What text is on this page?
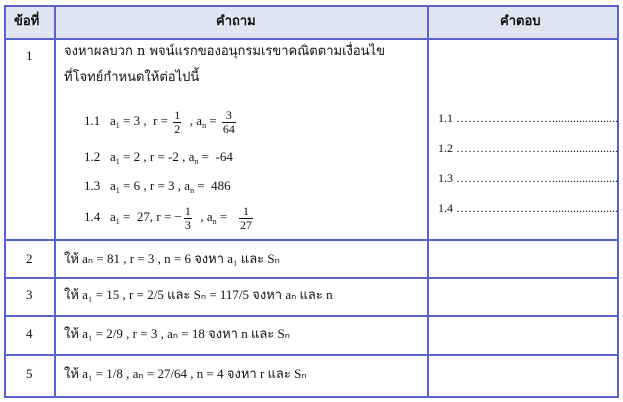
ข้อที่	คำถาม	คำตอบ
1 จงหาผลบวก n พจน์แรกของอนุกรมเรขาคณิตตามเงื่อนไข
ที่โจทย์กำหนดให้ต่อไปนี้
1.1   $a_1 = 3$ ,  $r = \frac{1}{2}$ , $a_n = \frac{3}{64}$
1.2   $a_1 = 2$ , r = -2 , $a_n = -64$
1.3   $a_1 = 6$ , r = 3 , $a_n = 486$
1.4   $a_1 = 27$, r = − $\frac{1}{3}$ , $a_n = \frac{1}{27}$
1.1 ……………………......................
1.2 ……………………......................
1.3 ……………………......................
1.4 ……………………......................
2 ให้ aₙ = 81 , r = 3 , n = 6 จงหา a₁ และ Sₙ
3 ให้ a₁ = 15 , r = 2/5 และ Sₙ = 117/5 จงหา aₙ และ n
4 ให้ a₁ = 2/9 , r = 3 , aₙ = 18 จงหา n และ Sₙ
5 ให้ a₁ = 1/8 , aₙ = 27/64 , n = 4 จงหา r และ Sₙ
